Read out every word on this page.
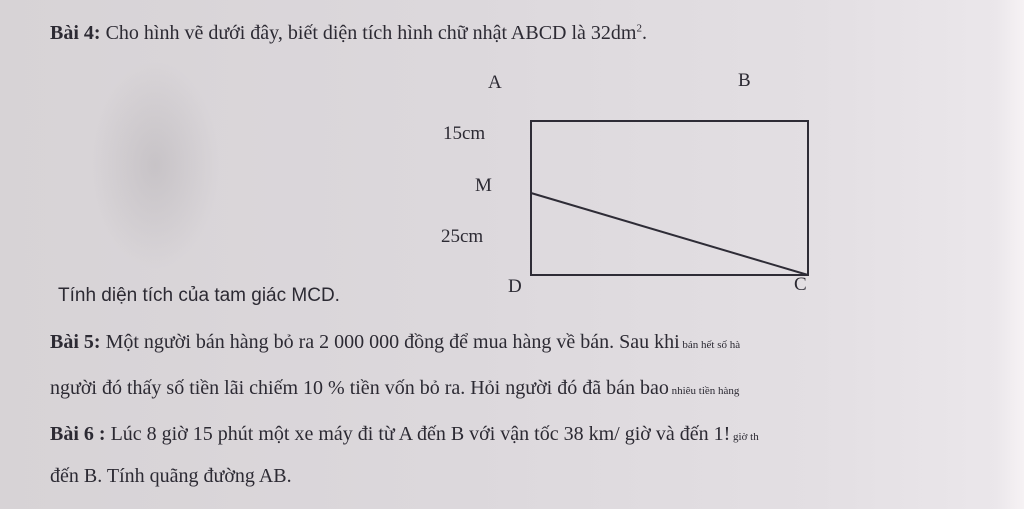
Bài 4: Cho hình vẽ dưới đây, biết diện tích hình chữ nhật ABCD là $32dm^2$.
A	B
C
D
M
15cm
25cm
Tính diện tích của tam giác MCD.
Bài 5: Một người bán hàng bỏ ra 2 000 000 đồng để mua hàng về bán. Sau khi bán hết số hà
người đó thấy số tiền lãi chiếm 10 % tiền vốn bỏ ra. Hỏi người đó đã bán bao nhiêu tiền hàng
Bài 6 : Lúc 8 giờ 15 phút một xe máy đi từ A đến B với vận tốc 38 km/ giờ và đến 1! giờ th
đến B. Tính quãng đường AB.
